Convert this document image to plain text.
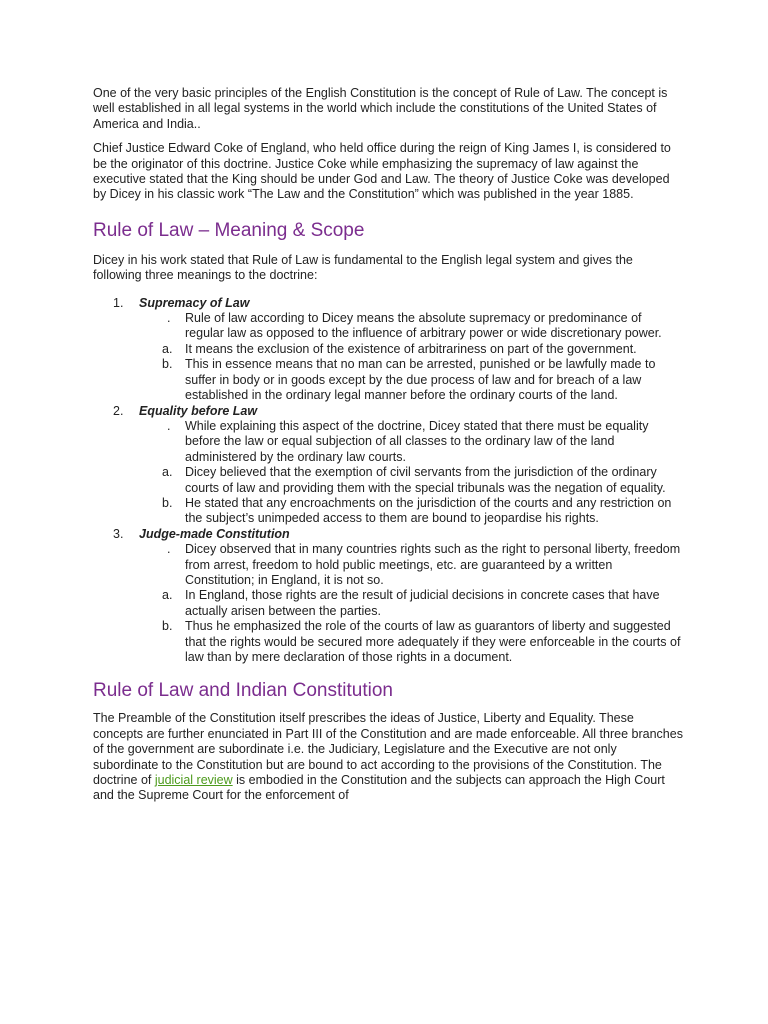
One of the very basic principles of the English Constitution is the concept of Rule of Law. The concept is well established in all legal systems in the world which include the constitutions of the United States of America and India..

Chief Justice Edward Coke of England, who held office during the reign of King James I, is considered to be the originator of this doctrine. Justice Coke while emphasizing the supremacy of law against the executive stated that the King should be under God and Law. The theory of Justice Coke was developed by Dicey in his classic work “The Law and the Constitution” which was published in the year 1885.

Rule of Law – Meaning & Scope

Dicey in his work stated that Rule of Law is fundamental to the English legal system and gives the following three meanings to the doctrine:

1. Supremacy of Law
. Rule of law according to Dicey means the absolute supremacy or predominance of regular law as opposed to the influence of arbitrary power or wide discretionary power.
a. It means the exclusion of the existence of arbitrariness on part of the government.
b. This in essence means that no man can be arrested, punished or be lawfully made to suffer in body or in goods except by the due process of law and for breach of a law established in the ordinary legal manner before the ordinary courts of the land.
2. Equality before Law
. While explaining this aspect of the doctrine, Dicey stated that there must be equality before the law or equal subjection of all classes to the ordinary law of the land administered by the ordinary law courts.
a. Dicey believed that the exemption of civil servants from the jurisdiction of the ordinary courts of law and providing them with the special tribunals was the negation of equality.
b. He stated that any encroachments on the jurisdiction of the courts and any restriction on the subject’s unimpeded access to them are bound to jeopardise his rights.
3. Judge-made Constitution
. Dicey observed that in many countries rights such as the right to personal liberty, freedom from arrest, freedom to hold public meetings, etc. are guaranteed by a written Constitution; in England, it is not so.
a. In England, those rights are the result of judicial decisions in concrete cases that have actually arisen between the parties.
b. Thus he emphasized the role of the courts of law as guarantors of liberty and suggested that the rights would be secured more adequately if they were enforceable in the courts of law than by mere declaration of those rights in a document.
Rule of Law and Indian Constitution

The Preamble of the Constitution itself prescribes the ideas of Justice, Liberty and Equality. These concepts are further enunciated in Part III of the Constitution and are made enforceable. All three branches of the government are subordinate i.e. the Judiciary, Legislature and the Executive are not only subordinate to the Constitution but are bound to act according to the provisions of the Constitution. The doctrine of judicial review is embodied in the Constitution and the subjects can approach the High Court and the Supreme Court for the enforcement of
